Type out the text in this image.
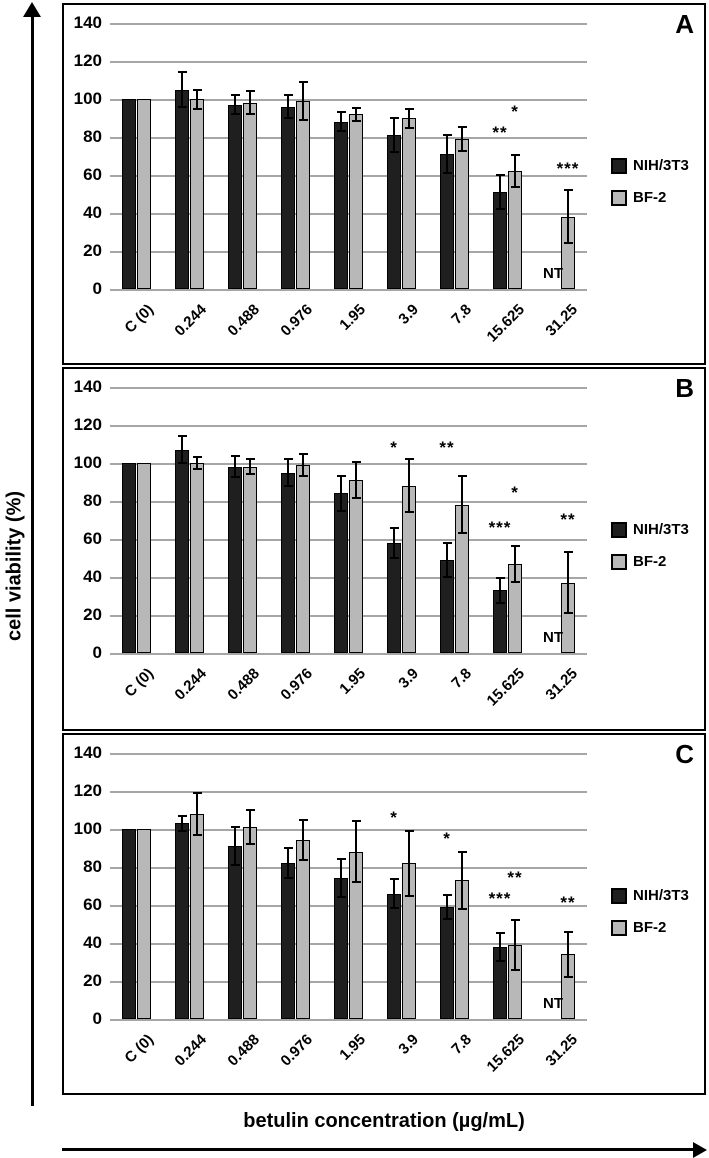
cell viability (%)
140
120
100
80
60
40
20
0
**
*
***
NT
C (0) 0.244 0.488 0.976	1.95	3.9	7.8 15.625 31.25
NIH/3T3
BF-2
A
140
120
100
80
60
40
20
0
* **
***
*
**
NT
C (0) 0.244 0.488 0.976	1.95	3.9	7.8 15.625 31.25
NIH/3T3
BF-2
B
140
120
100
80
60
40
20
0
*
*
***
**
**
NT
C (0) 0.244 0.488 0.976	1.95	3.9	7.8 15.625 31.25
NIH/3T3
BF-2
C
betulin concentration (µg/mL)
